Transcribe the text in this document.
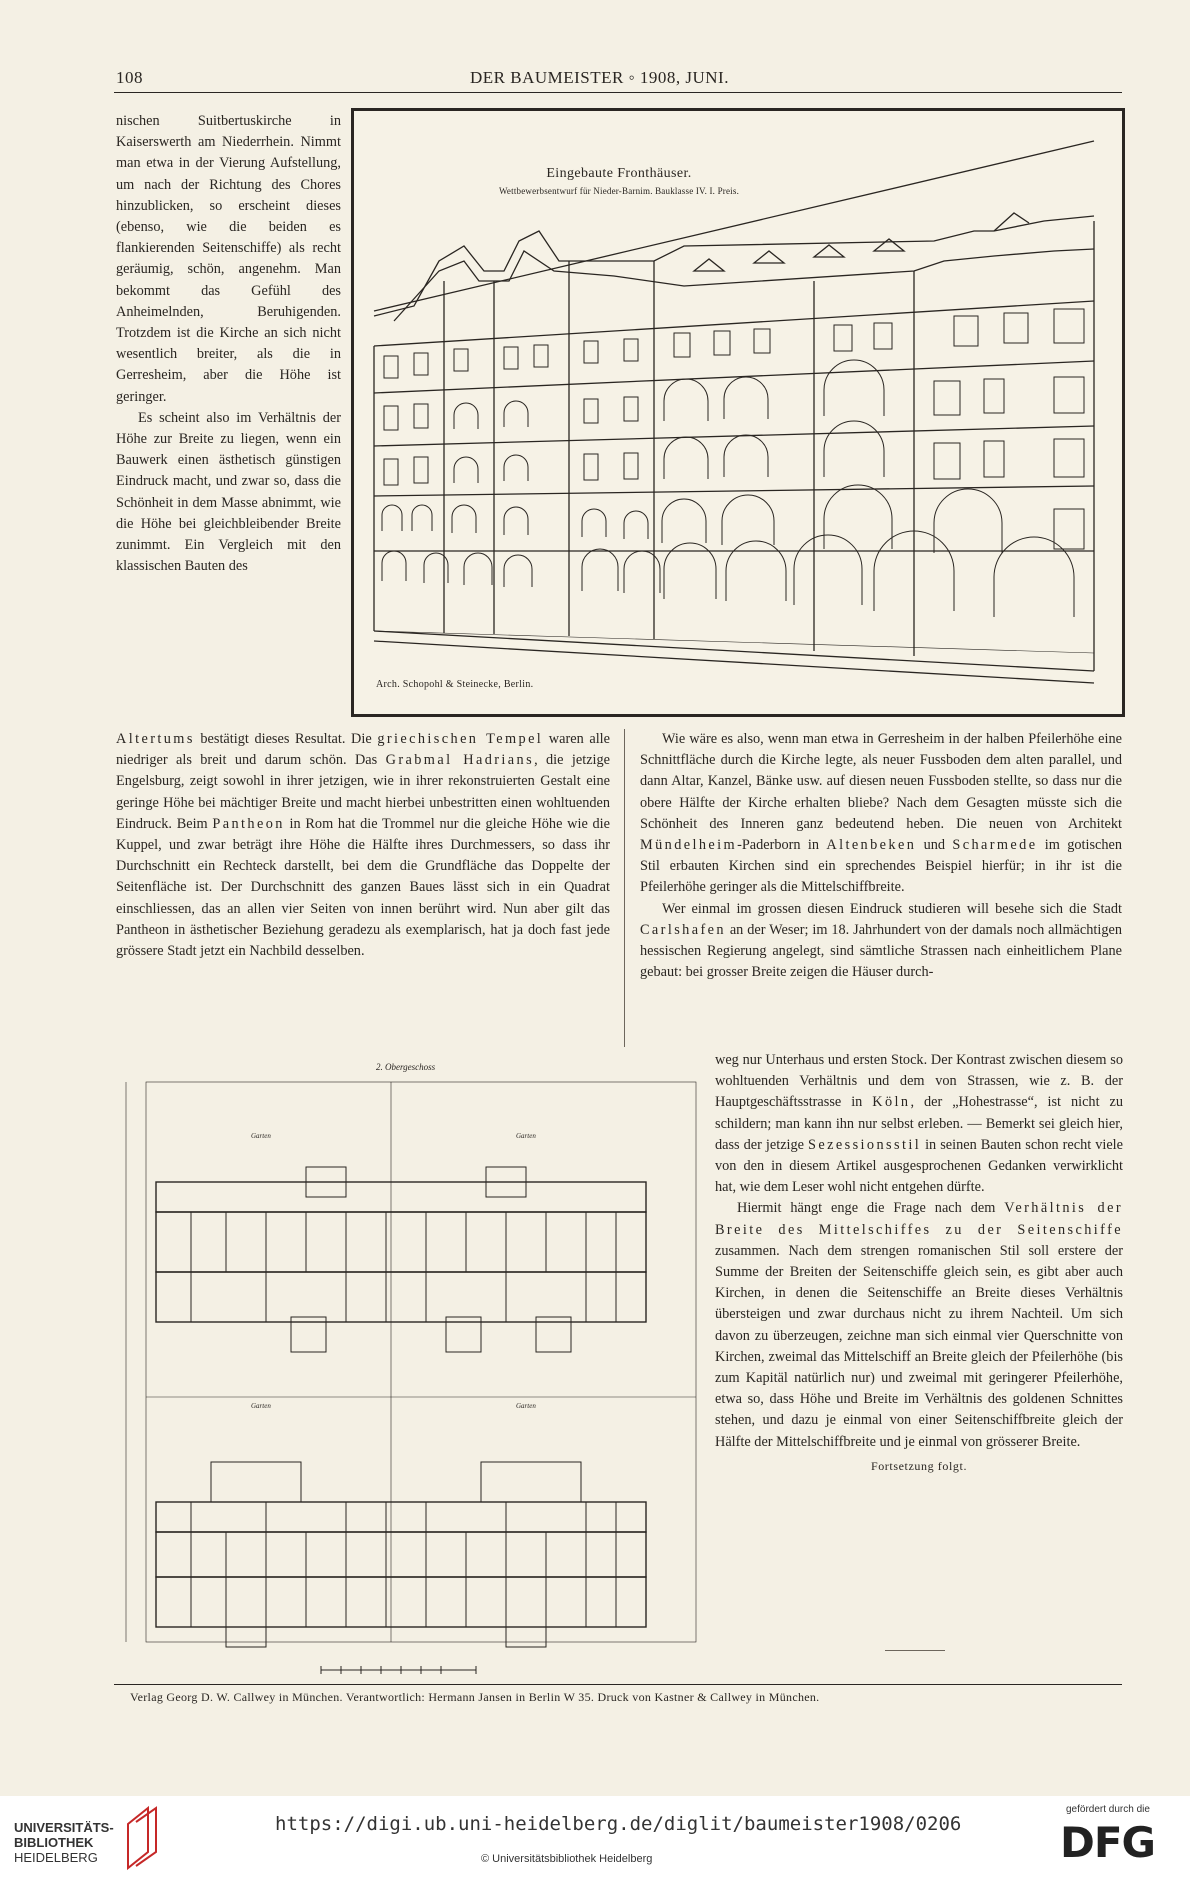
108	DER BAUMEISTER ◦ 1908, JUNI.
Eingebaute Fronthäuser.
Wettbewerbsentwurf für Nieder-Barnim. Bauklasse IV. I. Preis.
Arch. Schopohl & Steinecke, Berlin.

nischen Suitbertuskirche in Kaiserswerth am Niederrhein. Nimmt man etwa in der Vierung Aufstellung, um nach der Richtung des Chores hinzublicken, so erscheint dieses (ebenso, wie die beiden es flankierenden Seitenschiffe) als recht geräumig, schön, angenehm. Man bekommt das Gefühl des Anheimelnden, Beruhigenden. Trotzdem ist die Kirche an sich nicht wesentlich breiter, als die in Gerresheim, aber die Höhe ist geringer.

Es scheint also im Verhältnis der Höhe zur Breite zu liegen, wenn ein Bauwerk einen ästhetisch günstigen Eindruck macht, und zwar so, dass die Schönheit in dem Masse abnimmt, wie die Höhe bei gleichbleibender Breite zunimmt. Ein Vergleich mit den klassischen Bauten des

Altertums bestätigt dieses Resultat. Die griechischen Tempel waren alle niedriger als breit und darum schön. Das Grabmal Hadrians, die jetzige Engelsburg, zeigt sowohl in ihrer jetzigen, wie in ihrer rekonstruierten Gestalt eine geringe Höhe bei mächtiger Breite und macht hierbei unbestritten einen wohltuenden Eindruck. Beim Pantheon in Rom hat die Trommel nur die gleiche Höhe wie die Kuppel, und zwar beträgt ihre Höhe die Hälfte ihres Durchmessers, so dass ihr Durchschnitt ein Rechteck darstellt, bei dem die Grundfläche das Doppelte der Seitenfläche ist. Der Durchschnitt des ganzen Baues lässt sich in ein Quadrat einschliessen, das an allen vier Seiten von innen berührt wird. Nun aber gilt das Pantheon in ästhetischer Beziehung geradezu als exemplarisch, hat ja doch fast jede grössere Stadt jetzt ein Nachbild desselben.

Wie wäre es also, wenn man etwa in Gerresheim in der halben Pfeilerhöhe eine Schnittfläche durch die Kirche legte, als neuer Fussboden dem alten parallel, und dann Altar, Kanzel, Bänke usw. auf diesen neuen Fussboden stellte, so dass nur die obere Hälfte der Kirche erhalten bliebe? Nach dem Gesagten müsste sich die Schönheit des Inneren ganz bedeutend heben. Die neuen von Architekt Mündelheim-Paderborn in Altenbeken und Scharmede im gotischen Stil erbauten Kirchen sind ein sprechendes Beispiel hierfür; in ihr ist die Pfeilerhöhe geringer als die Mittelschiffbreite.

Wer einmal im grossen diesen Eindruck studieren will besehe sich die Stadt Carlshafen an der Weser; im 18. Jahrhundert von der damals noch allmächtigen hessischen Regierung angelegt, sind sämtliche Strassen nach einheitlichem Plane gebaut: bei grosser Breite zeigen die Häuser durch-

weg nur Unterhaus und ersten Stock. Der Kontrast zwischen diesem so wohltuenden Verhältnis und dem von Strassen, wie z. B. der Hauptgeschäftsstrasse in Köln, der „Hohestrasse“, ist nicht zu schildern; man kann ihn nur selbst erleben. — Bemerkt sei gleich hier, dass der jetzige Sezessionsstil in seinen Bauten schon recht viele von den in diesem Artikel ausgesprochenen Gedanken verwirklicht hat, wie dem Leser wohl nicht entgehen dürfte.

Hiermit hängt enge die Frage nach dem Verhältnis der Breite des Mittelschiffes zu der Seitenschiffe zusammen. Nach dem strengen romanischen Stil soll erstere der Summe der Breiten der Seitenschiffe gleich sein, es gibt aber auch Kirchen, in denen die Seitenschiffe an Breite dieses Verhältnis übersteigen und zwar durchaus nicht zu ihrem Nachteil. Um sich davon zu überzeugen, zeichne man sich einmal vier Querschnitte von Kirchen, zweimal das Mittelschiff an Breite gleich der Pfeilerhöhe (bis zum Kapitäl natürlich nur) und zweimal mit geringerer Pfeilerhöhe, etwa so, dass Höhe und Breite im Verhältnis des goldenen Schnittes stehen, und dazu je einmal von einer Seitenschiffbreite gleich der Hälfte der Mittelschiffbreite und je einmal von grösserer Breite.

Fortsetzung folgt.

2. Obergeschoss
Garten	Garten
Garten	Garten
Verlag Georg D. W. Callwey in München. Verantwortlich: Hermann Jansen in Berlin W 35. Druck von Kastner & Callwey in München.
UNIVERSITÄTS-
BIBLIOTHEK
HEIDELBERG
https://digi.ub.uni-heidelberg.de/diglit/baumeister1908/0206
© Universitätsbibliothek Heidelberg
gefördert durch die
DFG
